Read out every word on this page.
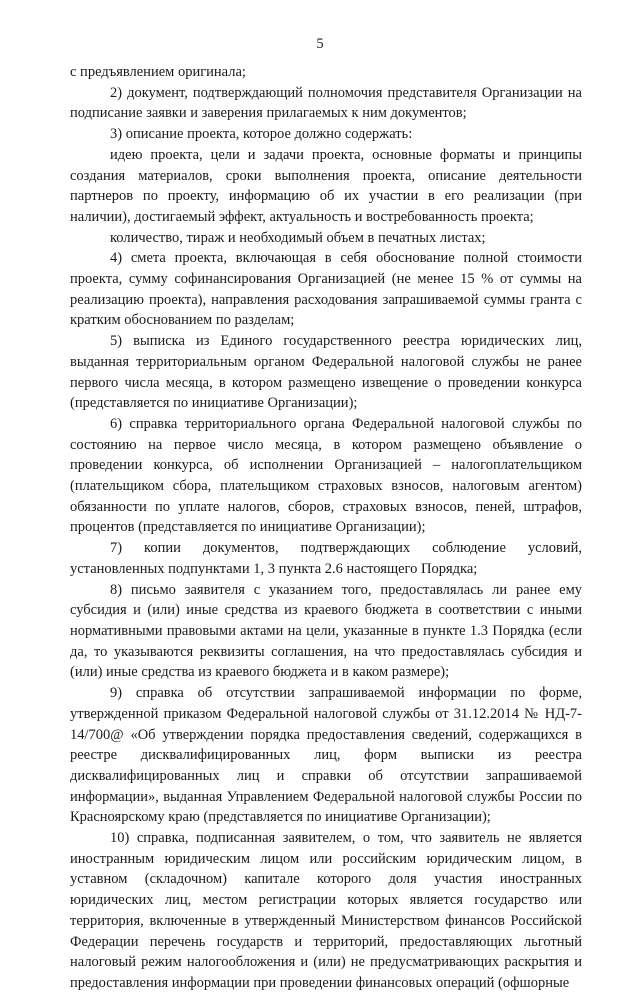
5

с предъявлением оригинала;

2) документ, подтверждающий полномочия представителя Организации на подписание заявки и заверения прилагаемых к ним документов;

3) описание проекта, которое должно содержать:

идею проекта, цели и задачи проекта, основные форматы и принципы создания материалов, сроки выполнения проекта, описание деятельности партнеров по проекту, информацию об их участии в его реализации (при наличии), достигаемый эффект, актуальность и востребованность проекта;

количество, тираж и необходимый объем в печатных листах;

4) смета проекта, включающая в себя обоснование полной стоимости проекта, сумму софинансирования Организацией (не менее 15 % от суммы на реализацию проекта), направления расходования запрашиваемой суммы гранта с кратким обоснованием по разделам;

5) выписка из Единого государственного реестра юридических лиц, выданная территориальным органом Федеральной налоговой службы не ранее первого числа месяца, в котором размещено извещение о проведении конкурса (представляется по инициативе Организации);

6) справка территориального органа Федеральной налоговой службы по состоянию на первое число месяца, в котором размещено объявление о проведении конкурса, об исполнении Организацией – налогоплательщиком (плательщиком сбора, плательщиком страховых взносов, налоговым агентом) обязанности по уплате налогов, сборов, страховых взносов, пеней, штрафов, процентов (представляется по инициативе Организации);

7) копии документов, подтверждающих соблюдение условий, установленных подпунктами 1, 3 пункта 2.6 настоящего Порядка;

8) письмо заявителя с указанием того, предоставлялась ли ранее ему субсидия и (или) иные средства из краевого бюджета в соответствии с иными нормативными правовыми актами на цели, указанные в пункте 1.3 Порядка (если да, то указываются реквизиты соглашения, на что предоставлялась субсидия и (или) иные средства из краевого бюджета и в каком размере);

9) справка об отсутствии запрашиваемой информации по форме, утвержденной приказом Федеральной налоговой службы от 31.12.2014 № НД-7-14/700@ «Об утверждении порядка предоставления сведений, содержащихся в реестре дисквалифицированных лиц, форм выписки из реестра дисквалифицированных лиц и справки об отсутствии запрашиваемой информации», выданная Управлением Федеральной налоговой службы России по Красноярскому краю (представляется по инициативе Организации);

10) справка, подписанная заявителем, о том, что заявитель не является иностранным юридическим лицом или российским юридическим лицом, в уставном (складочном) капитале которого доля участия иностранных юридических лиц, местом регистрации которых является государство или территория, включенные в утвержденный Министерством финансов Российской Федерации перечень государств и территорий, предоставляющих льготный налоговый режим налогообложения и (или) не предусматривающих раскрытия и предоставления информации при проведении финансовых операций (офшорные
